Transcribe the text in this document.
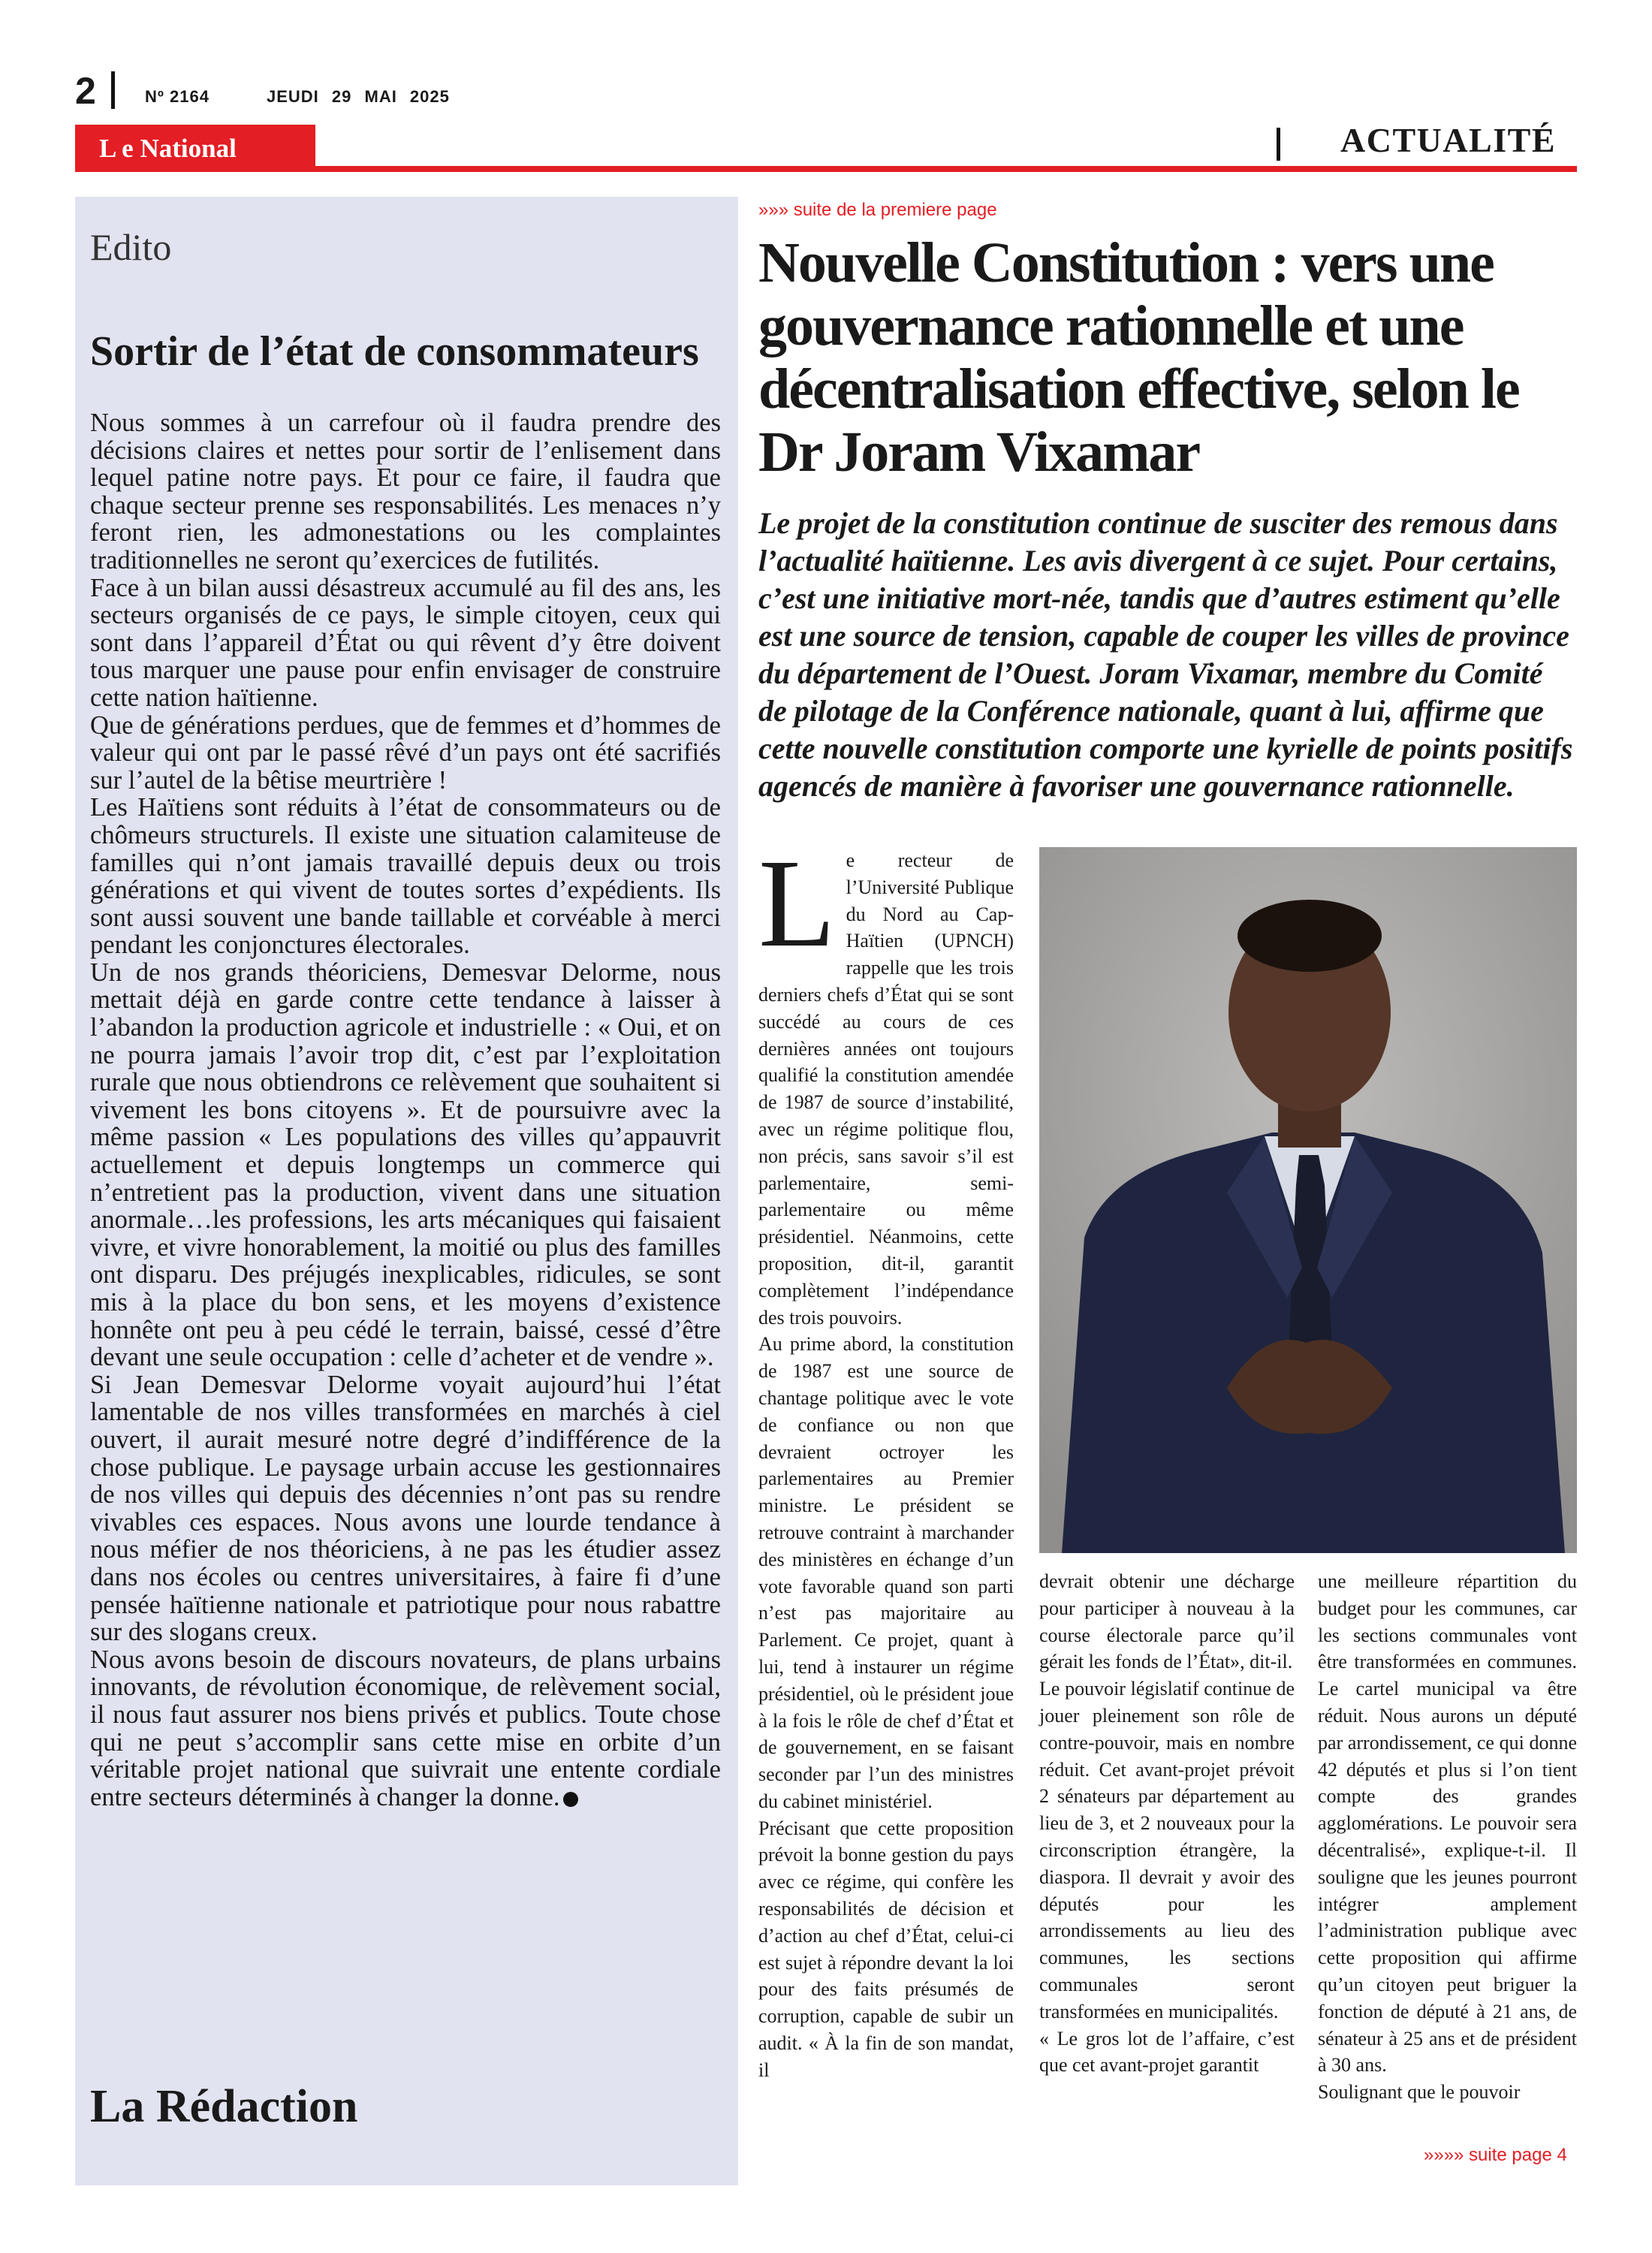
2	Nº 2164	JEUDI 29 MAI 2025
L e National	ACTUALITÉ
Edito
Sortir de l’état de consommateurs

Nous sommes à un carrefour où il faudra prendre des décisions claires et nettes pour sortir de l’enlisement dans lequel patine notre pays. Et pour ce faire, il faudra que chaque secteur prenne ses responsabilités. Les menaces n’y feront rien, les admonestations ou les complaintes traditionnelles ne seront qu’exercices de futilités.

Face à un bilan aussi désastreux accumulé au fil des ans, les secteurs organisés de ce pays, le simple citoyen, ceux qui sont dans l’appareil d’État ou qui rêvent d’y être doivent tous marquer une pause pour enfin envisager de construire cette nation haïtienne.

Que de générations perdues, que de femmes et d’hommes de valeur qui ont par le passé rêvé d’un pays ont été sacrifiés sur l’autel de la bêtise meurtrière !

Les Haïtiens sont réduits à l’état de consommateurs ou de chômeurs structurels. Il existe une situation calamiteuse de familles qui n’ont jamais travaillé depuis deux ou trois générations et qui vivent de toutes sortes d’expédients. Ils sont aussi souvent une bande taillable et corvéable à merci pendant les conjonctures électorales.

Un de nos grands théoriciens, Demesvar Delorme, nous mettait déjà en garde contre cette tendance à laisser à l’abandon la production agricole et industrielle : « Oui, et on ne pourra jamais l’avoir trop dit, c’est par l’exploitation rurale que nous obtiendrons ce relèvement que souhaitent si vivement les bons citoyens ». Et de poursuivre avec la même passion « Les populations des villes qu’appauvrit actuellement et depuis longtemps un commerce qui n’entretient pas la production, vivent dans une situation anormale…les professions, les arts mécaniques qui faisaient vivre, et vivre honorablement, la moitié ou plus des familles ont disparu. Des préjugés inexplicables, ridicules, se sont mis à la place du bon sens, et les moyens d’existence honnête ont peu à peu cédé le terrain, baissé, cessé d’être devant une seule occupation : celle d’acheter et de vendre ».

Si Jean Demesvar Delorme voyait aujourd’hui l’état lamentable de nos villes transformées en marchés à ciel ouvert, il aurait mesuré notre degré d’indifférence de la chose publique. Le paysage urbain accuse les gestionnaires de nos villes qui depuis des décennies n’ont pas su rendre vivables ces espaces. Nous avons une lourde tendance à nous méfier de nos théoriciens, à ne pas les étudier assez dans nos écoles ou centres universitaires, à faire fi d’une pensée haïtienne nationale et patriotique pour nous rabattre sur des slogans creux.

Nous avons besoin de discours novateurs, de plans urbains innovants, de révolution économique, de relèvement social, il nous faut assurer nos biens privés et publics. Toute chose qui ne peut s’accomplir sans cette mise en orbite d’un véritable projet national que suivrait une entente cordiale entre secteurs déterminés à changer la donne.

La Rédaction
»»» suite de la premiere page
Nouvelle Constitution : vers une gouvernance rationnelle et une décentralisation effective, selon le Dr Joram Vixamar
Le projet de la constitution continue de susciter des remous dans l’actualité haïtienne. Les avis divergent à ce sujet. Pour certains, c’est une initiative mort-née, tandis que d’autres estiment qu’elle est une source de tension, capable de couper les villes de province du département de l’Ouest. Joram Vixamar, membre du Comité de pilotage de la Conférence nationale, quant à lui, affirme que cette nouvelle constitution comporte une kyrielle de points positifs agencés de manière à favoriser une gouvernance rationnelle.
L e recteur de l’Université Publique du Nord au Cap-Haïtien (UPNCH) rappelle que les trois derniers chefs d’État qui se sont succédé au cours de ces dernières années ont toujours qualifié la constitution amendée de 1987 de source d’instabilité, avec un régime politique flou, non précis, sans savoir s’il est parlementaire, semi-parlementaire ou même présidentiel. Néanmoins, cette proposition, dit-il, garantit complètement l’indépendance des trois pouvoirs.

Au prime abord, la constitution de 1987 est une source de chantage politique avec le vote de confiance ou non que devraient octroyer les parlementaires au Premier ministre. Le président se retrouve contraint à marchander des ministères en échange d’un vote favorable quand son parti n’est pas majoritaire au Parlement. Ce projet, quant à lui, tend à instaurer un régime présidentiel, où le président joue à la fois le rôle de chef d’État et de gouvernement, en se faisant seconder par l’un des ministres du cabinet ministériel.

Précisant que cette proposition prévoit la bonne gestion du pays avec ce régime, qui confère les responsabilités de décision et d’action au chef d’État, celui-ci est sujet à répondre devant la loi pour des faits présumés de corruption, capable de subir un audit. « À la fin de son mandat, il

devrait obtenir une décharge pour participer à nouveau à la course électorale parce qu’il gérait les fonds de l’État», dit-il.

Le pouvoir législatif continue de jouer pleinement son rôle de contre-pouvoir, mais en nombre réduit. Cet avant-projet prévoit 2 sénateurs par département au lieu de 3, et 2 nouveaux pour la circonscription étrangère, la diaspora. Il devrait y avoir des députés pour les arrondissements au lieu des communes, les sections communales seront transformées en municipalités.

« Le gros lot de l’affaire, c’est que cet avant-projet garantit

une meilleure répartition du budget pour les communes, car les sections communales vont être transformées en communes. Le cartel municipal va être réduit. Nous aurons un député par arrondissement, ce qui donne 42 députés et plus si l’on tient compte des grandes agglomérations. Le pouvoir sera décentralisé», explique-t-il. Il souligne que les jeunes pourront intégrer amplement l’administration publique avec cette proposition qui affirme qu’un citoyen peut briguer la fonction de député à 21 ans, de sénateur à 25 ans et de président à 30 ans.

Soulignant que le pouvoir

»»»» suite page 4
